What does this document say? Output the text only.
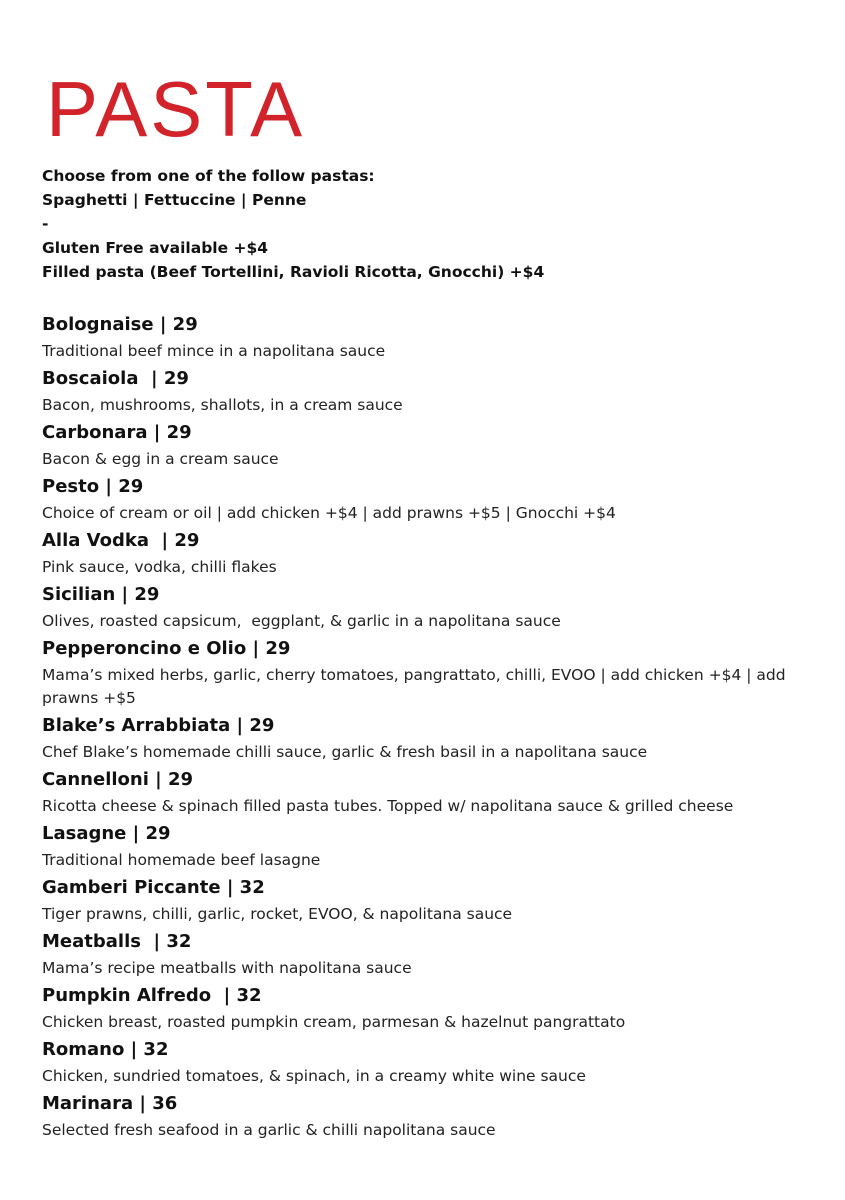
PASTA
Choose from one of the follow pastas:
Spaghetti | Fettuccine | Penne
-
Gluten Free available +$4
Filled pasta (Beef Tortellini, Ravioli Ricotta, Gnocchi) +$4
Bolognaise | 29
Traditional beef mince in a napolitana sauce
Boscaiola  | 29
Bacon, mushrooms, shallots, in a cream sauce
Carbonara | 29
Bacon & egg in a cream sauce
Pesto | 29
Choice of cream or oil | add chicken +$4 | add prawns +$5 | Gnocchi +$4
Alla Vodka  | 29
Pink sauce, vodka, chilli flakes
Sicilian | 29
Olives, roasted capsicum,  eggplant, & garlic in a napolitana sauce
Pepperoncino e Olio | 29
Mama’s mixed herbs, garlic, cherry tomatoes, pangrattato, chilli, EVOO | add chicken +$4 | add prawns +$5
Blake’s Arrabbiata | 29
Chef Blake’s homemade chilli sauce, garlic & fresh basil in a napolitana sauce
Cannelloni | 29
Ricotta cheese & spinach filled pasta tubes. Topped w/ napolitana sauce & grilled cheese
Lasagne | 29
Traditional homemade beef lasagne
Gamberi Piccante | 32
Tiger prawns, chilli, garlic, rocket, EVOO, & napolitana sauce
Meatballs  | 32
Mama’s recipe meatballs with napolitana sauce
Pumpkin Alfredo  | 32
Chicken breast, roasted pumpkin cream, parmesan & hazelnut pangrattato
Romano | 32
Chicken, sundried tomatoes, & spinach, in a creamy white wine sauce
Marinara | 36
Selected fresh seafood in a garlic & chilli napolitana sauce
